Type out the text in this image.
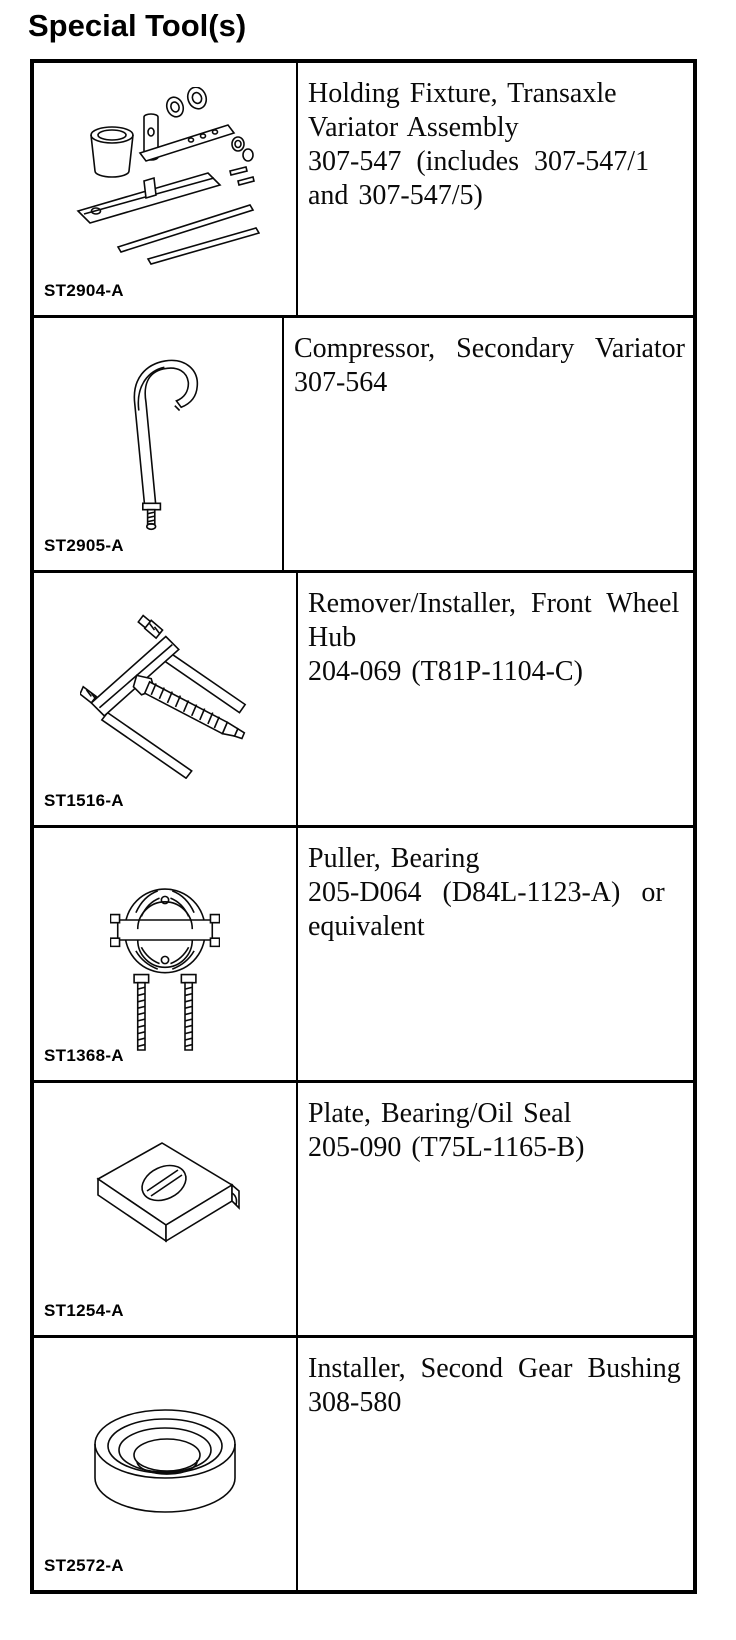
Special Tool(s)
ST2904-A
Holding Fixture, Transaxle
Variator Assembly
307-547 (includes 307-547/1
and 307-547/5)
ST2905-A
Compressor, Secondary Variator
307-564
ST1516-A
Remover/Installer, Front Wheel
Hub
204-069 (T81P-1104-C)
ST1368-A
Puller, Bearing
205-D064 (D84L-1123-A) or
equivalent
ST1254-A
Plate, Bearing/Oil Seal
205-090 (T75L-1165-B)
ST2572-A
Installer, Second Gear Bushing
308-580
